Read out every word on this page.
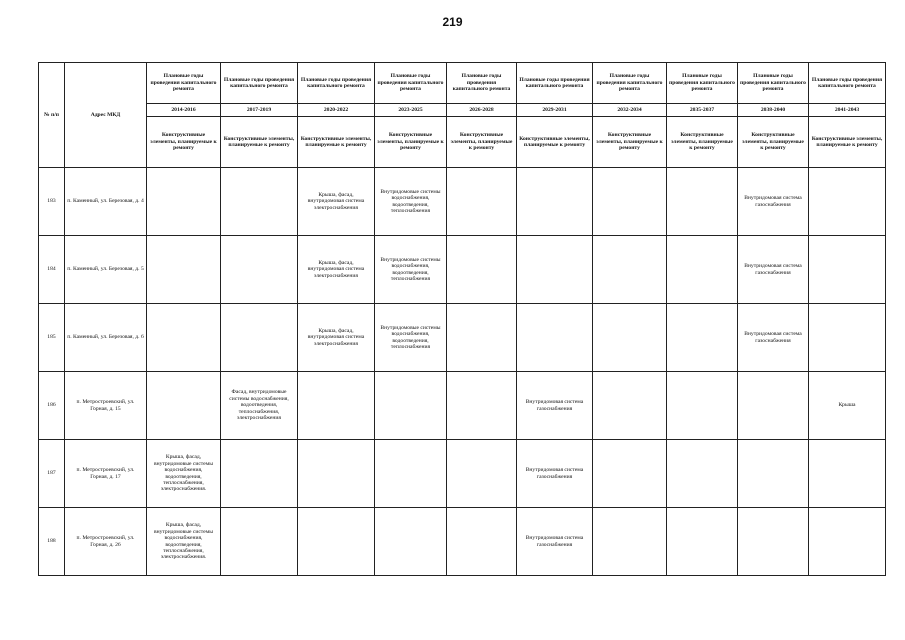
219
№ п/п	Адрес МКД	Плановые годы проведения капитального ремонта	Плановые годы проведения капитального ремонта	Плановые годы проведения капитального ремонта	Плановые годы проведения капитального ремонта	Плановые годы проведения капитального ремонта	Плановые годы проведения капитального ремонта	Плановые годы проведения капитального ремонта	Плановые годы проведения капитального ремонта	Плановые годы проведения капитального ремонта	Плановые годы проведения капитального ремонта
		2014-2016	2017-2019	2020-2022	2023-2025	2026-2028	2029-2031	2032-2034	2035-2037	2038-2040	2041-2043
		Конструктивные элементы, планируемые к ремонту	Конструктивные элементы, планируемые к ремонту	Конструктивные элементы, планируемые к ремонту	Конструктивные элементы, планируемые к ремонту	Конструктивные элементы, планируемые к ремонту	Конструктивные элементы, планируемые к ремонту	Конструктивные элементы, планируемые к ремонту	Конструктивные элементы, планируемые к ремонту	Конструктивные элементы, планируемые к ремонту	Конструктивные элементы, планируемые к ремонту
183	п. Каменный, ул. Березовая, д. 4			Крыша, фасад, внутридомовая система электроснабжения	Внутридомовые системы водоснабжения, водоотведения, теплоснабжения					Внутридомовая система газоснабжения	
184	п. Каменный, ул. Березовая, д. 5			Крыша, фасад, внутридомовая система электроснабжения	Внутридомовые системы водоснабжения, водоотведения, теплоснабжения					Внутридомовая система газоснабжения	
185	п. Каменный, ул. Березовая, д. 6			Крыша, фасад, внутридомовая система электроснабжения	Внутридомовые системы водоснабжения, водоотведения, теплоснабжения					Внутридомовая система газоснабжения	
186	п. Метростроевский, ул. Горная, д. 15		Фасад, внутридомовые системы водоснабжения, водоотведения, теплоснабжения, электроснабжения				Внутридомовая система газоснабжения				Крыша
187	п. Метростроевский, ул. Горная, д. 17	Крыша, фасад, внутридомовые системы водоснабжения, водоотведения, теплоснабжения, электроснабжения.					Внутридомовая система газоснабжения				
188	п. Метростроевский, ул. Горная, д. 26	Крыша, фасад, внутридомовые системы водоснабжения, водоотведения, теплоснабжения, электроснабжения.					Внутридомовая система газоснабжения				
